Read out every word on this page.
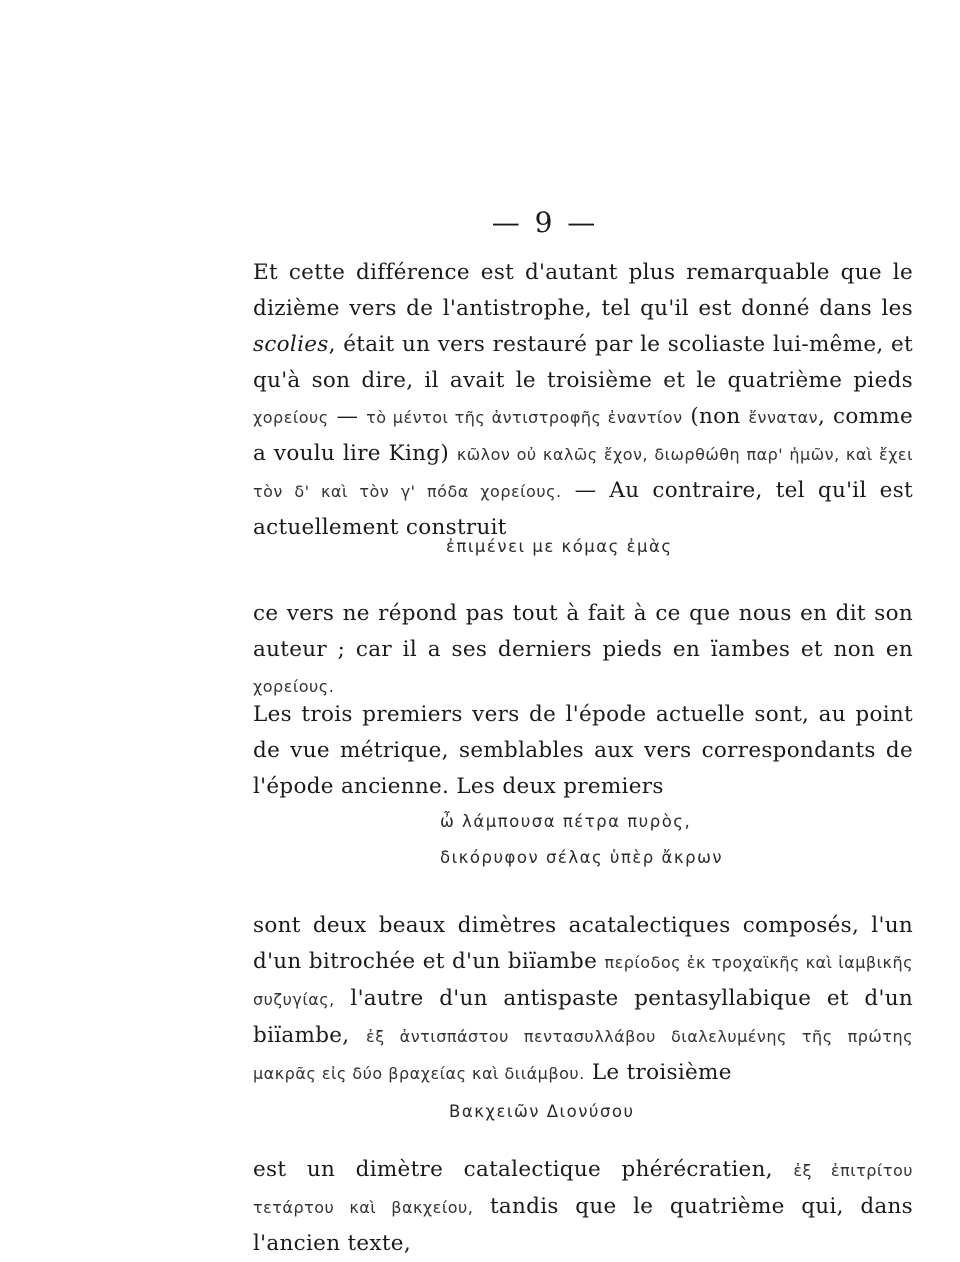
— 9 —

Et cette différence est d'autant plus remarquable que le dizième vers de l'antistrophe, tel qu'il est donné dans les scolies, était un vers restauré par le scoliaste lui-même, et qu'à son dire, il avait le troisième et le quatrième pieds χορείους — τὸ μέντοι τῆς ἀντιστροφῆς ἐναντίον (non ἔνναταν, comme a voulu lire King) κῶλον οὐ καλῶς ἔχον, διωρθώθη παρ' ἡμῶν, καὶ ἔχει τὸν δ' καὶ τὸν γ' πόδα χορείους. — Au contraire, tel qu'il est actuellement construit

ἐπιμένει με κόμας ἐμὰς

ce vers ne répond pas tout à fait à ce que nous en dit son auteur ; car il a ses derniers pieds en ïambes et non en χορείους.

Les trois premiers vers de l'épode actuelle sont, au point de vue métrique, semblables aux vers correspondants de l'épode ancienne. Les deux premiers

ὦ λάμπουσα πέτρα πυρὸς,
δικόρυφον σέλας ὑπὲρ ἄκρων

sont deux beaux dimètres acatalectiques composés, l'un d'un bitrochée et d'un biïambe περίοδος ἐκ τροχαϊκῆς καὶ ἰαμβικῆς συζυγίας, l'autre d'un antispaste pentasyllabique et d'un biïambe, ἐξ ἀντισπάστου πεντασυλλάβου διαλελυμένης τῆς πρώτης μακρᾶς εἰς δύο βραχείας καὶ διιάμβου. Le troisième

Βακχειῶν Διονύσου

est un dimètre catalectique phérécratien, ἐξ ἐπιτρίτου τετάρτου καὶ βακχείου, tandis que le quatrième qui, dans l'ancien texte,
